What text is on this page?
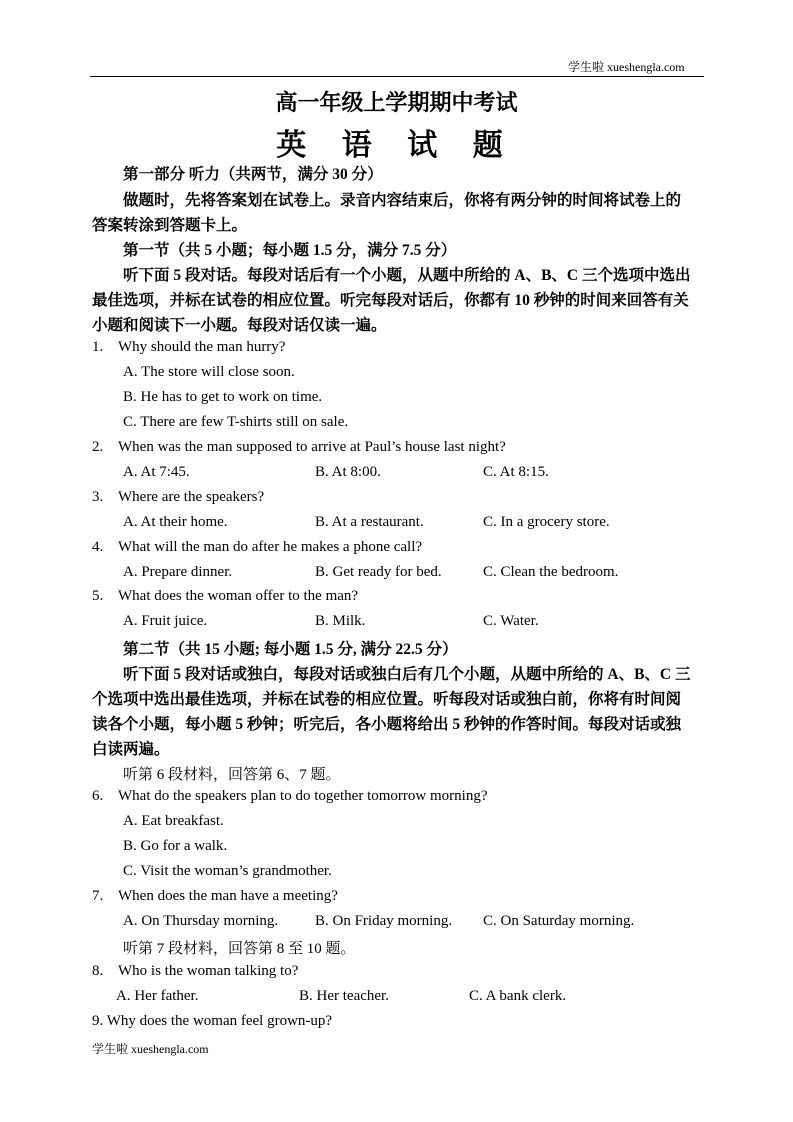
学生啦 xueshengla.com
高一年级上学期期中考试
英 语 试 题
第一部分 听力（共两节，满分 30 分）
做题时，先将答案划在试卷上。录音内容结束后，你将有两分钟的时间将试卷上的
答案转涂到答题卡上。
第一节（共 5 小题；每小题 1.5 分，满分 7.5 分）
听下面 5 段对话。每段对话后有一个小题，从题中所给的 A、B、C 三个选项中选出
最佳选项，并标在试卷的相应位置。听完每段对话后，你都有 10 秒钟的时间来回答有关
小题和阅读下一小题。每段对话仅读一遍。
1. Why should the man hurry?
A. The store will close soon.
B. He has to get to work on time.
C. There are few T-shirts still on sale.
2. When was the man supposed to arrive at Paul’s house last night?
A. At 7:45.	B. At 8:00.	C. At 8:15.
3. Where are the speakers?
A. At their home.	B. At a restaurant.	C. In a grocery store.
4. What will the man do after he makes a phone call?
A. Prepare dinner.	B. Get ready for bed.	C. Clean the bedroom.
5. What does the woman offer to the man?
A. Fruit juice.	B. Milk.	C. Water.
第二节（共 15 小题; 每小题 1.5 分, 满分 22.5 分）
听下面 5 段对话或独白，每段对话或独白后有几个小题，从题中所给的 A、B、C 三
个选项中选出最佳选项，并标在试卷的相应位置。听每段对话或独白前，你将有时间阅
读各个小题，每小题 5 秒钟；听完后，各小题将给出 5 秒钟的作答时间。每段对话或独
白读两遍。
听第 6 段材料，回答第 6、7 题。
6. What do the speakers plan to do together tomorrow morning?
A. Eat breakfast.
B. Go for a walk.
C. Visit the woman’s grandmother.
7. When does the man have a meeting?
A. On Thursday morning. B. On Friday morning. C. On Saturday morning.
听第 7 段材料，回答第 8 至 10 题。
8. Who is the woman talking to?
A. Her father.	B. Her teacher.	C. A bank clerk.
9. Why does the woman feel grown-up?
学生啦 xueshengla.com
